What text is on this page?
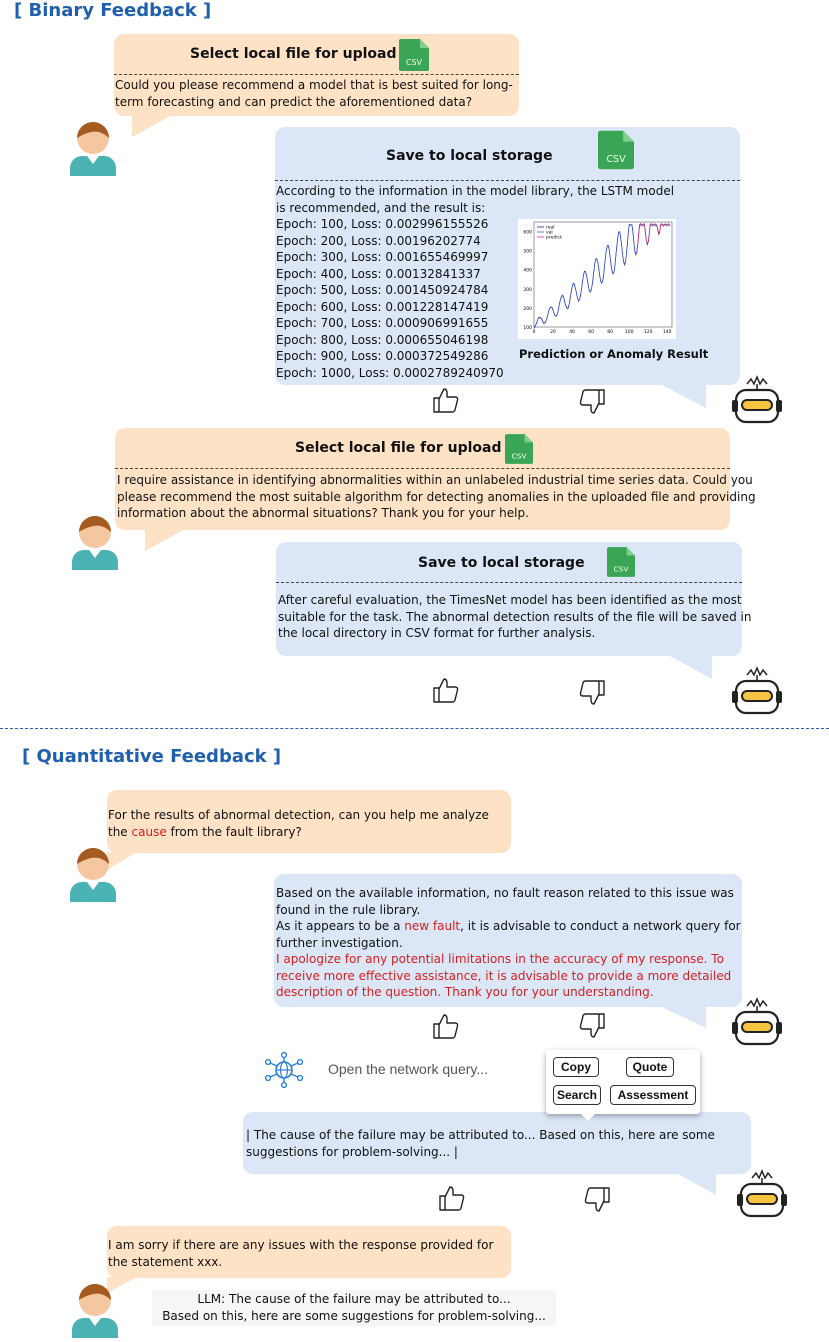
[ Binary Feedback ]
Select local file for upload
CSV
Could you please recommend a model that is best suited for long-
term forecasting and can predict the aforementioned data?
Save to local storage	CSV
According to the information in the model library, the LSTM model
is recommended, and the result is:
Epoch: 100, Loss: 0.002996155526
Epoch: 200, Loss: 0.00196202774
Epoch: 300, Loss: 0.001655469997
Epoch: 400, Loss: 0.00132841337
Epoch: 500, Loss: 0.001450924784
Epoch: 600, Loss: 0.001228147419
Epoch: 700, Loss: 0.000906991655
Epoch: 800, Loss: 0.000655046198
Epoch: 900, Loss: 0.000372549286
Epoch: 1000, Loss: 0.0002789240970
100
200
300
400
500
600
0	20	40	60	80	100 120 140
real
val
predict
Prediction or Anomaly Result
Select local file for upload CSV
I require assistance in identifying abnormalities within an unlabeled industrial time series data. Could you
please recommend the most suitable algorithm for detecting anomalies in the uploaded file and providing
information about the abnormal situations? Thank you for your help.
Save to local storage	CSV
After careful evaluation, the TimesNet model has been identified as the most
suitable for the task. The abnormal detection results of the file will be saved in
the local directory in CSV format for further analysis.
[ Quantitative Feedback ]
For the results of abnormal detection, can you help me analyze
the cause from the fault library?
Based on the available information, no fault reason related to this issue was
found in the rule library.
As it appears to be a new fault, it is advisable to conduct a network query for
further investigation.
I apologize for any potential limitations in the accuracy of my response. To
receive more effective assistance, it is advisable to provide a more detailed
description of the question. Thank you for your understanding.
Open the network query...	Copy	Quote
Search	Assessment
| The cause of the failure may be attributed to... Based on this, here are some
suggestions for problem-solving... |
I am sorry if there are any issues with the response provided for
the statement xxx.
LLM: The cause of the failure may be attributed to...
Based on this, here are some suggestions for problem-solving...
